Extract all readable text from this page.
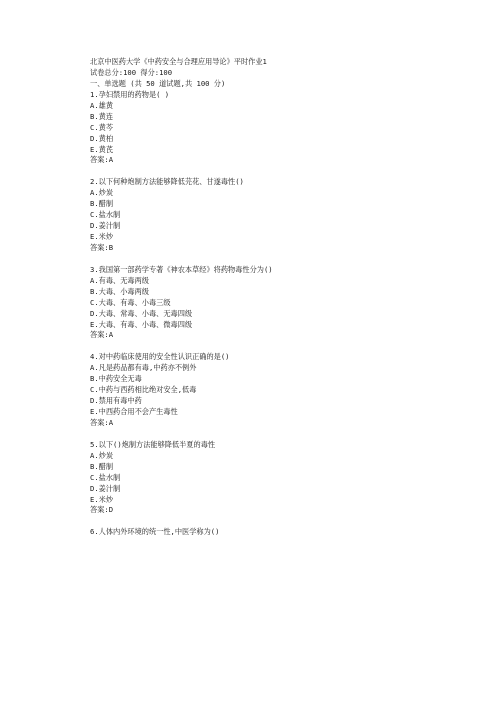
北京中医药大学《中药安全与合理应用导论》平时作业1
试卷总分:100 得分:100
一、单选题 (共 50 道试题,共 100 分)
1.孕妇禁用的药物是( )
A.雄黄
B.黄连
C.黄芩
D.黄柏
E.黄芪
答案:A
2.以下何种炮制方法能够降低芫花、甘遂毒性()
A.炒炭
B.醋制
C.盐水制
D.姜汁制
E.米炒
答案:B
3.我国第一部药学专著《神农本草经》将药物毒性分为()
A.有毒、无毒两级
B.大毒、小毒两级
C.大毒、有毒、小毒三级
D.大毒、常毒、小毒、无毒四级
E.大毒、有毒、小毒、微毒四级
答案:A
4.对中药临床使用的安全性认识正确的是()
A.凡是药品都有毒,中药亦不例外
B.中药安全无毒
C.中药与西药相比绝对安全,低毒
D.禁用有毒中药
E.中西药合用不会产生毒性
答案:A
5.以下()炮制方法能够降低半夏的毒性
A.炒炭
B.醋制
C.盐水制
D.姜汁制
E.米炒
答案:D
6.人体内外环境的统一性,中医学称为()
